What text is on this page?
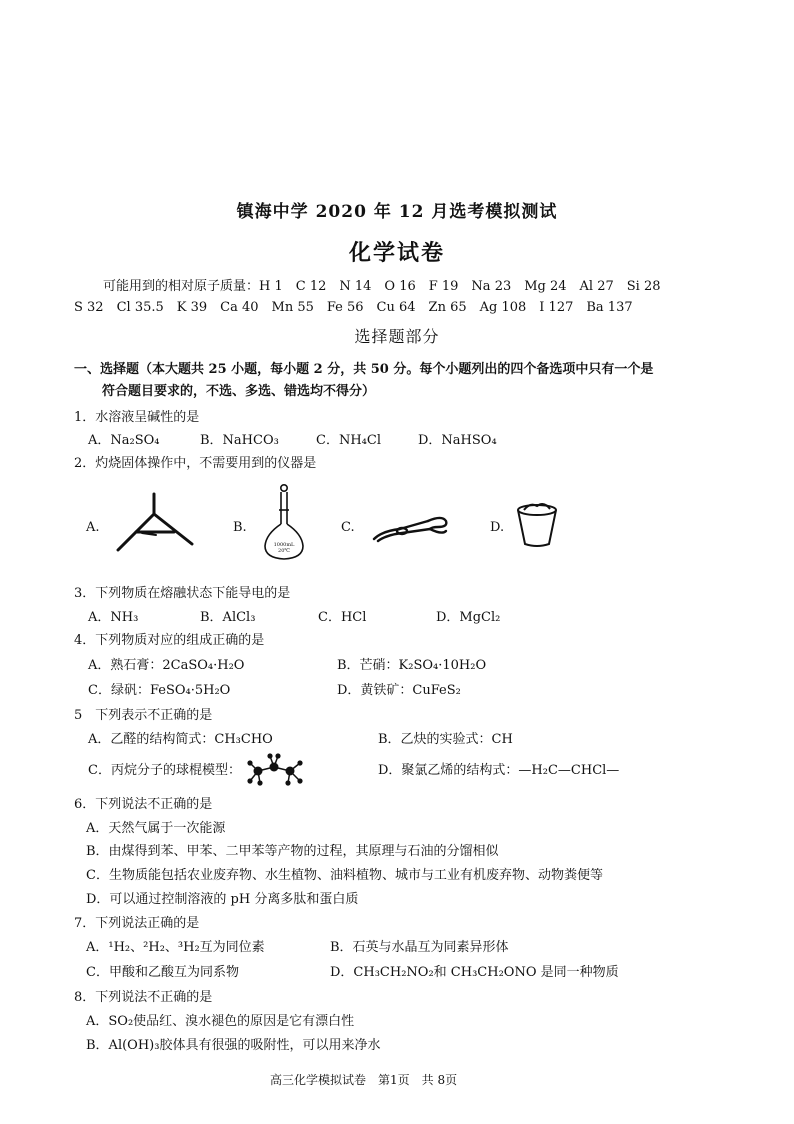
镇海中学 2020 年 12 月选考模拟测试
化学试卷
可能用到的相对原子质量：H 1　C 12　N 14　O 16　F 19　Na 23　Mg 24　Al 27　Si 28
S 32　Cl 35.5　K 39　Ca 40　Mn 55　Fe 56　Cu 64　Zn 65　Ag 108　I 127　Ba 137
选择题部分
一、选择题（本大题共 25 小题，每小题 2 分，共 50 分。每个小题列出的四个备选项中只有一个是
符合题目要求的，不选、多选、错选均不得分）
1．水溶液呈碱性的是
A．Na₂SO₄	B．NaHCO₃	C．NH₄Cl	D．NaHSO₄
2．灼烧固体操作中，不需要用到的仪器是
A.	B.	C.	D.
1000mL 20℃
3．下列物质在熔融状态下能导电的是
A．NH₃	B．AlCl₃	C．HCl	D．MgCl₂
4．下列物质对应的组成正确的是
A．熟石膏：2CaSO₄·H₂O	B．芒硝：K₂SO₄·10H₂O
C．绿矾：FeSO₄·5H₂O	D．黄铁矿：CuFeS₂
5　下列表示不正确的是
A．乙醛的结构简式：CH₃CHO	B．乙炔的实验式：CH
C．丙烷分子的球棍模型：	D．聚氯乙烯的结构式：—H₂C—CHCl—
6．下列说法不正确的是
A．天然气属于一次能源
B．由煤得到苯、甲苯、二甲苯等产物的过程，其原理与石油的分馏相似
C．生物质能包括农业废弃物、水生植物、油料植物、城市与工业有机废弃物、动物粪便等
D．可以通过控制溶液的 pH 分离多肽和蛋白质
7．下列说法正确的是
A．¹H₂、²H₂、³H₂互为同位素	B．石英与水晶互为同素异形体
C．甲酸和乙酸互为同系物	D．CH₃CH₂NO₂和 CH₃CH₂ONO 是同一种物质
8．下列说法不正确的是
A．SO₂使品红、溴水褪色的原因是它有漂白性
B．Al(OH)₃胶体具有很强的吸附性，可以用来净水
高三化学模拟试卷　第1页　共 8页
